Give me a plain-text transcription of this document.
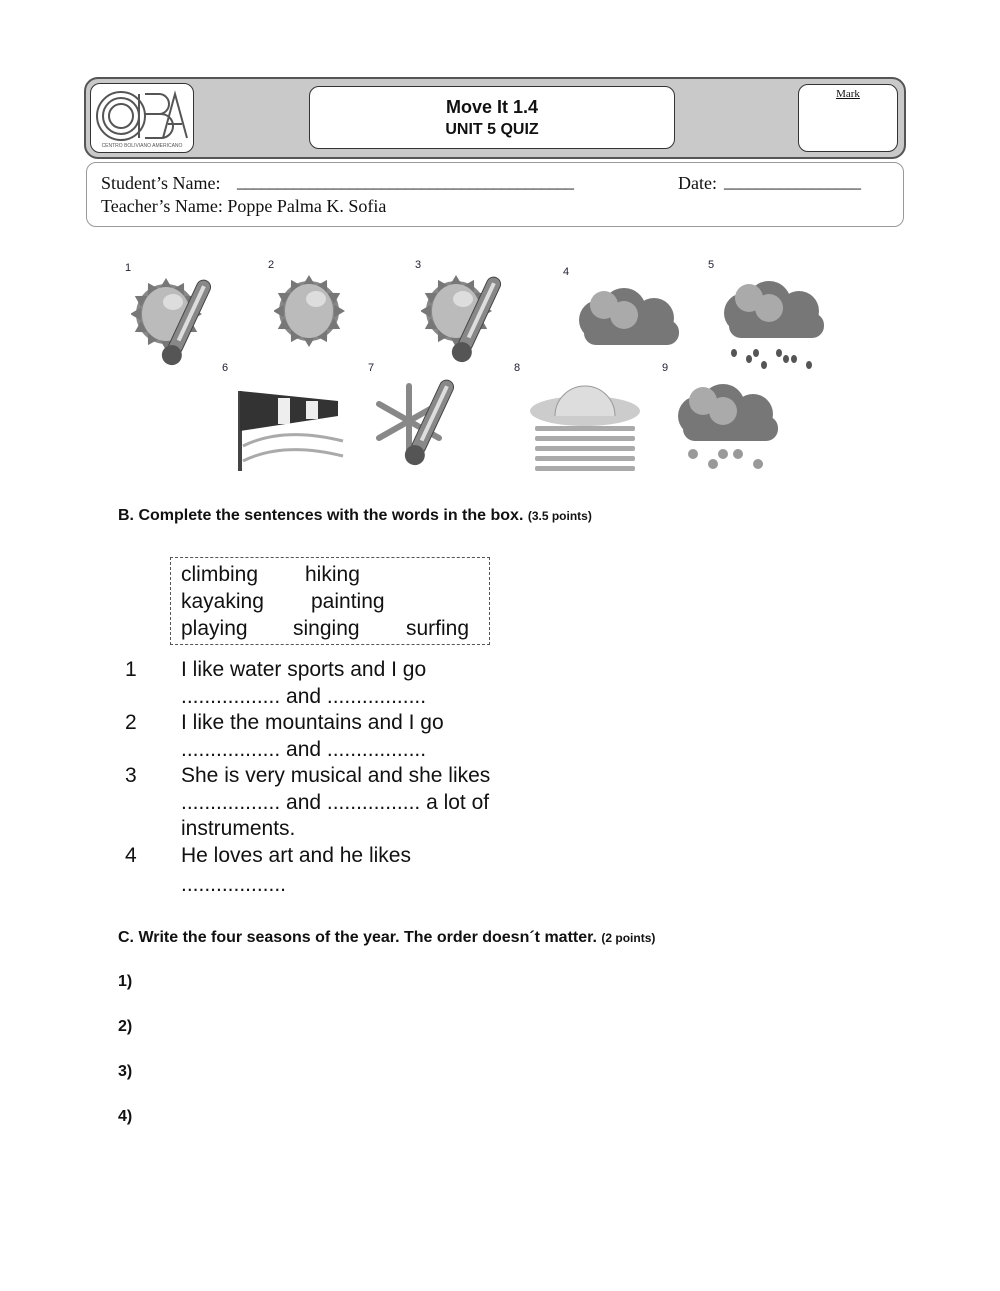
CENTRO BOLIVIANO AMERICANO
Move It 1.4
UNIT 5 QUIZ
Mark
Student’s Name: __________________________________________	Date: _________________
Teacher’s Name: Poppe Palma K. Sofia
B. Complete the sentences with the words in the box. (3.5 points)
climbing hiking
kayaking painting
playing singing surfing
C. Write the four seasons of the year. The order doesn´t matter. (2 points)
1	2	3
4
5
6	7	8	9
1 I like water sports and I go
................. and .................
2 I like the mountains and I go
................. and .................
3 She is very musical and she likes
................. and ................ a lot of
instruments.
4 He loves art and he likes
..................
1)
2)
3)
4)
